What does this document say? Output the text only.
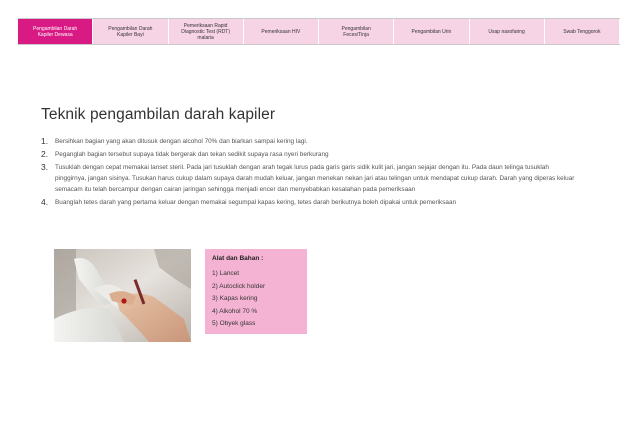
Pengambilan Darah
Kapiler Dewasa
Pengambilan Darah
Kapiler Bayi
Pemeriksaan Rapid
Diagnostic Test (RDT)
malaria
Pemeriksaan HIV	Pengambilan
Feces/Tinja	Pengambilan Urin	Usap nasofaring	Swab Tenggorok
Teknik pengambilan darah kapiler
1.	Bersihkan bagian yang akan ditusuk dengan alcohol 70% dan biarkan sampai kering lagi.
2.	Peganglah bagian tersebut supaya tidak bergerak dan tekan sedikit supaya rasa nyeri berkurang
3.	Tusuklah dengan cepat memakai lanset steril. Pada jari tusuklah dengan arah tegak lurus pada garis garis sidik kulit jari, jangan sejajar dengan itu. Pada daun telinga tusuklah pinggirnya, jangan sisinya. Tusukan harus cukup dalam supaya darah mudah keluar, jangan menekan nekan jari atau telingan untuk mendapat cukup darah. Darah yang diperas keluar semacam itu telah bercampur dengan cairan jaringan sehingga menjadi encer dan menyebabkan kesalahan pada pemeriksaan
4.	Buanglah tetes darah yang pertama keluar dengan memakai segumpal kapas kering, tetes darah berikutnya boleh dipakai untuk pemeriksaan
Alat dan Bahan :
1) Lancet
2) Autoclick holder
3) Kapas kering
4) Alkohol 70 %
5) Obyek glass
